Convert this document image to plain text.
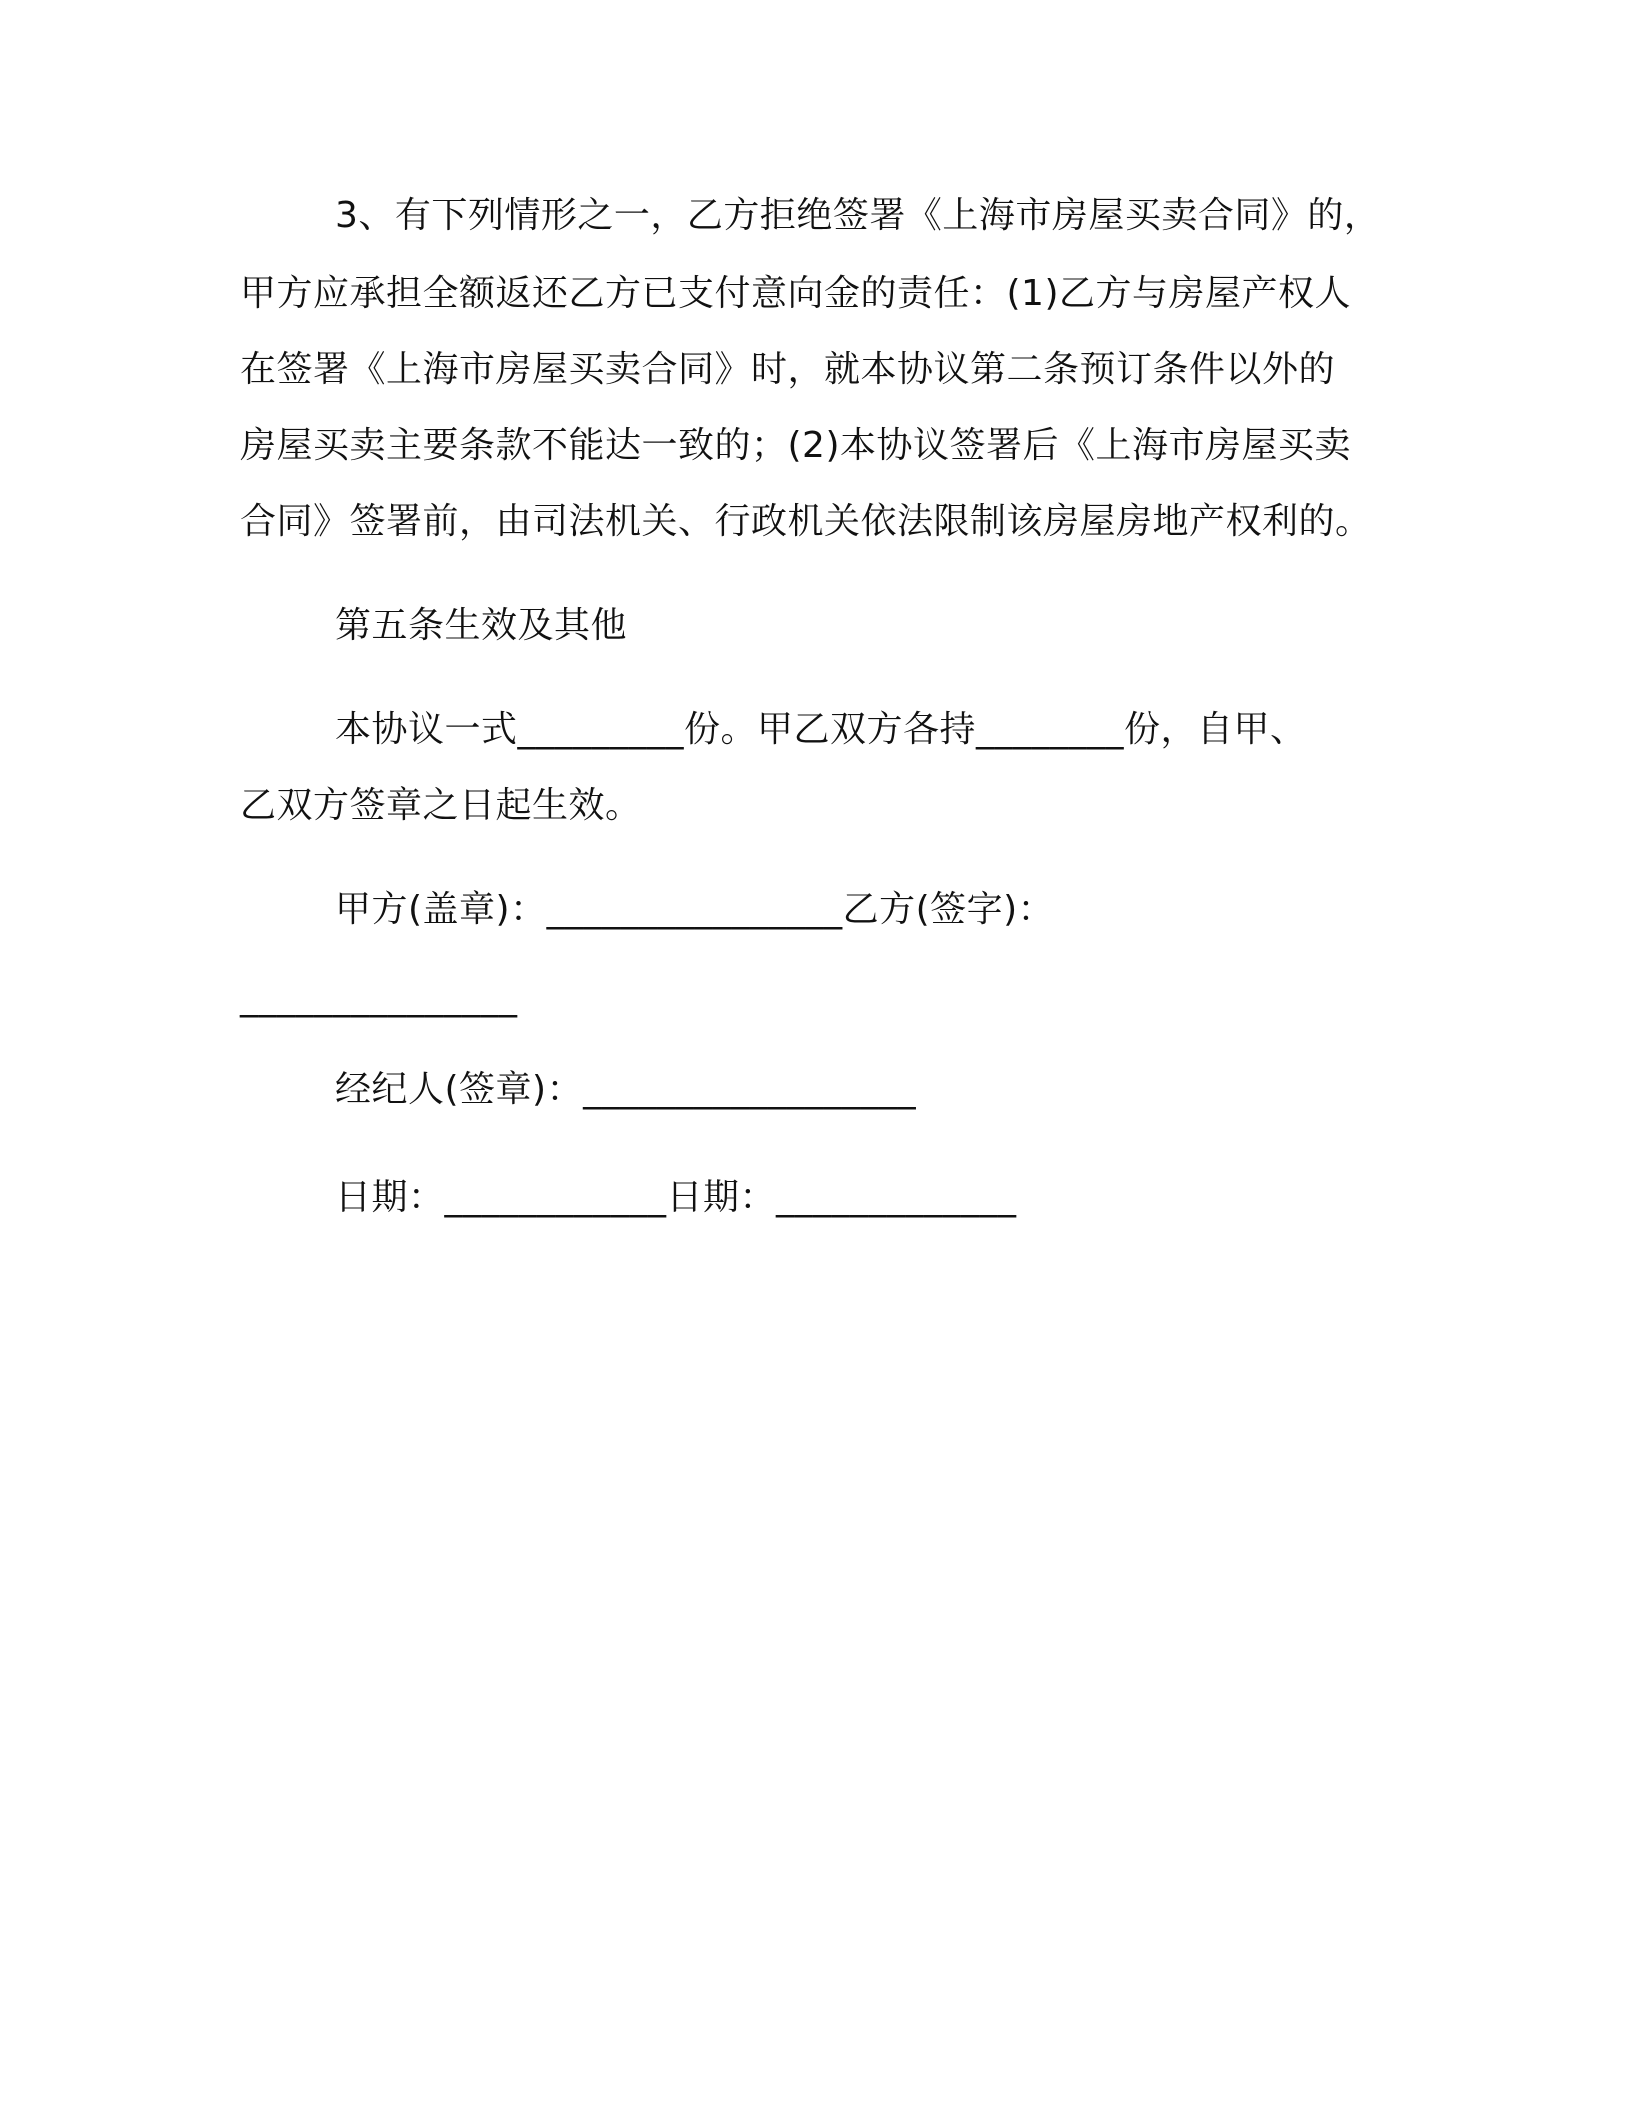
3、有下列情形之一，乙方拒绝签署《上海市房屋买卖合同》的，
甲方应承担全额返还乙方已支付意向金的责任：(1)乙方与房屋产权人
在签署《上海市房屋买卖合同》时，就本协议第二条预订条件以外的
房屋买卖主要条款不能达一致的；(2)本协议签署后《上海市房屋买卖
合同》签署前，由司法机关、行政机关依法限制该房屋房地产权利的。
第五条生效及其他
本协议一式_________份。甲乙双方各持________份，自甲、
乙双方签章之日起生效。
甲方(盖章)：________________乙方(签字)：
_______________
经纪人(签章)：__________________
日期：____________日期：_____________
